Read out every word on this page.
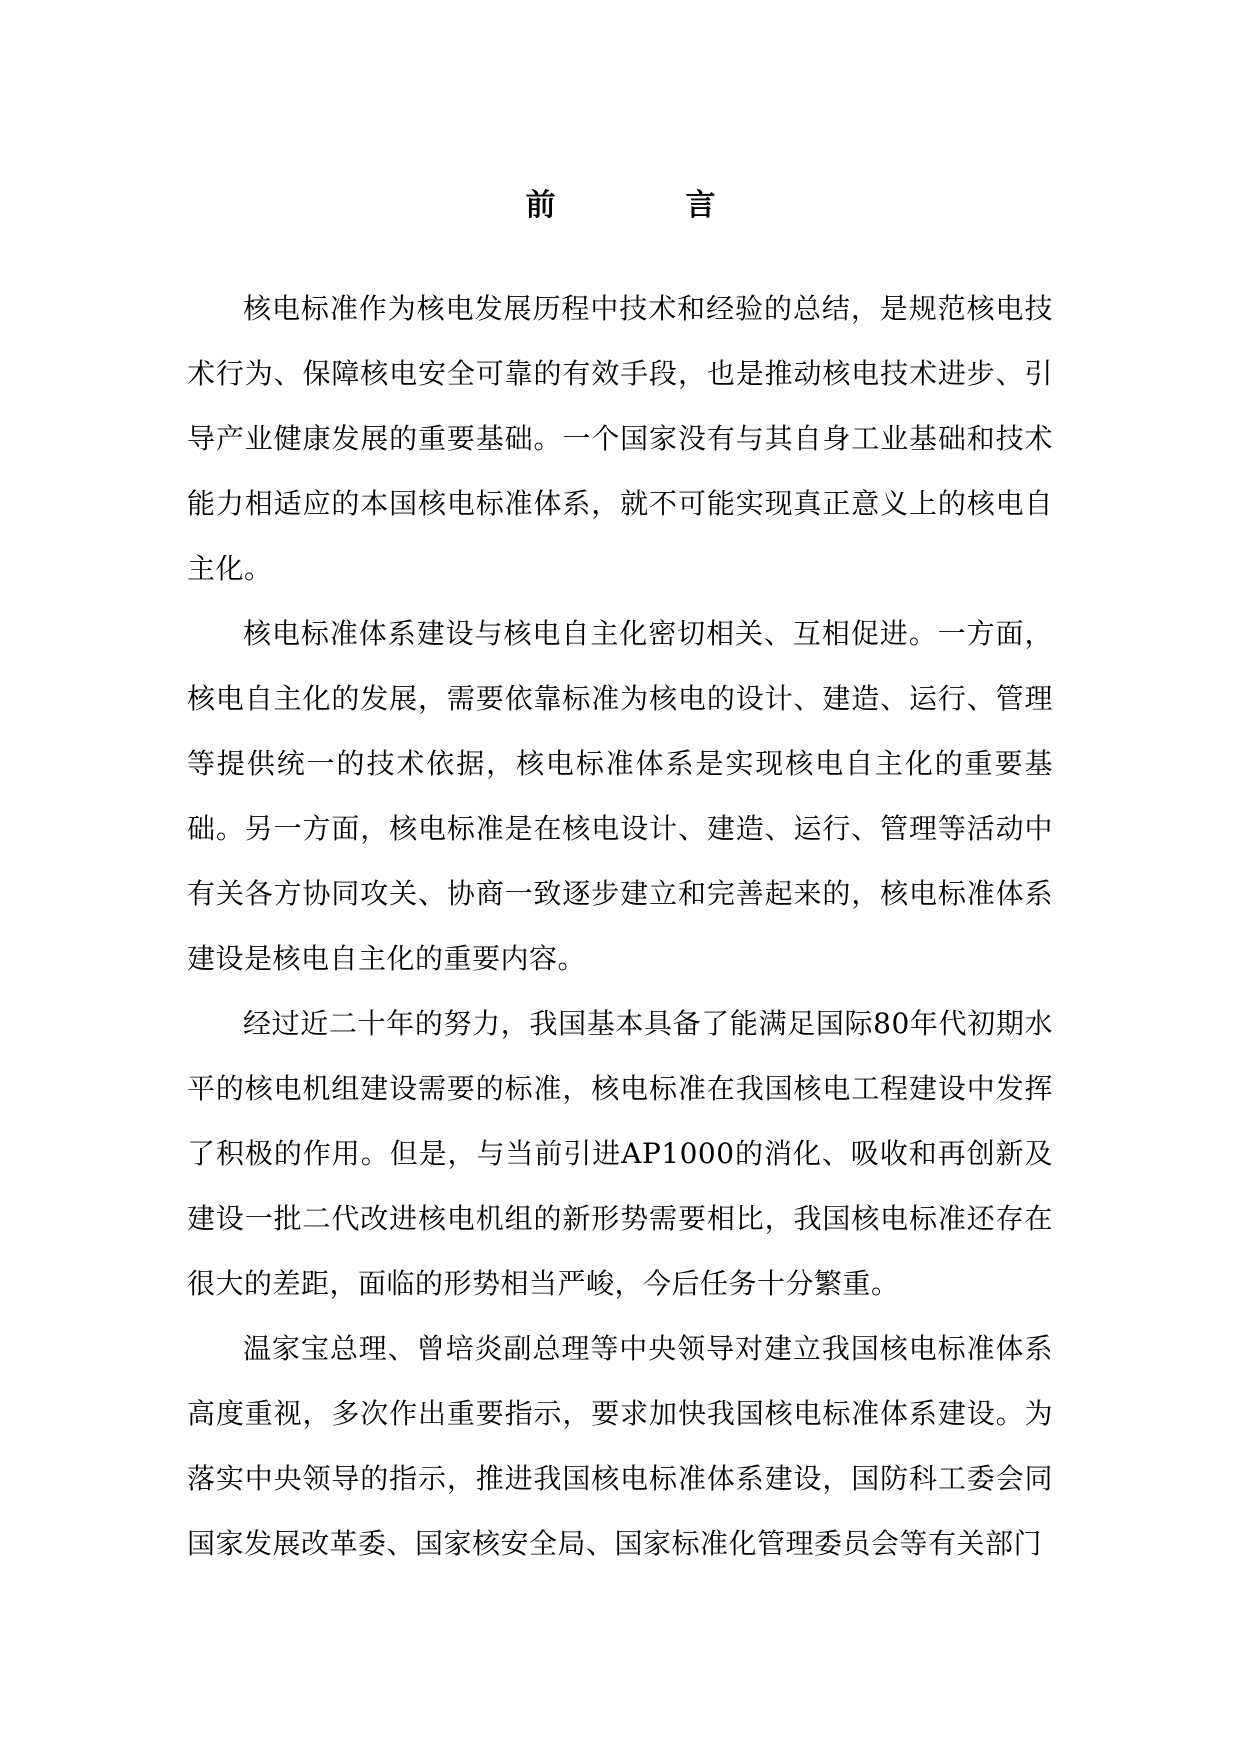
前　言

核电标准作为核电发展历程中技术和经验的总结，是规范核电技术行为、保障核电安全可靠的有效手段，也是推动核电技术进步、引导产业健康发展的重要基础。一个国家没有与其自身工业基础和技术能力相适应的本国核电标准体系，就不可能实现真正意义上的核电自主化。

核电标准体系建设与核电自主化密切相关、互相促进。一方面，核电自主化的发展，需要依靠标准为核电的设计、建造、运行、管理等提供统一的技术依据，核电标准体系是实现核电自主化的重要基础。另一方面，核电标准是在核电设计、建造、运行、管理等活动中有关各方协同攻关、协商一致逐步建立和完善起来的，核电标准体系建设是核电自主化的重要内容。

经过近二十年的努力，我国基本具备了能满足国际80年代初期水平的核电机组建设需要的标准，核电标准在我国核电工程建设中发挥了积极的作用。但是，与当前引进AP1000的消化、吸收和再创新及建设一批二代改进核电机组的新形势需要相比，我国核电标准还存在很大的差距，面临的形势相当严峻，今后任务十分繁重。

温家宝总理、曾培炎副总理等中央领导对建立我国核电标准体系高度重视，多次作出重要指示，要求加快我国核电标准体系建设。为落实中央领导的指示，推进我国核电标准体系建设，国防科工委会同国家发展改革委、国家核安全局、国家标准化管理委员会等有关部门
